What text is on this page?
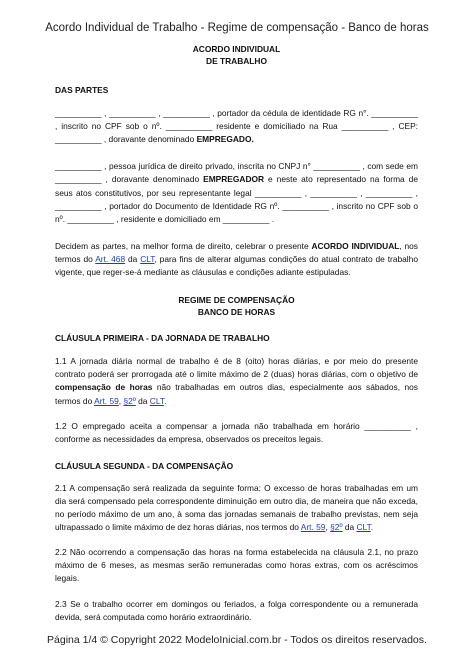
Acordo Individual de Trabalho - Regime de compensação - Banco de horas
ACORDO INDIVIDUAL
DE TRABALHO
DAS PARTES

__________ , __________ , __________ , portador da cédula de identidade RG n°. __________ , inscrito no CPF sob o nº. __________ residente e domiciliado na Rua __________ , CEP: __________ , doravante denominado EMPREGADO.

__________ , pessoa jurídica de direito privado, inscrita no CNPJ n° __________ , com sede em __________ , doravante denominado EMPREGADOR e neste ato representado na forma de seus atos constitutivos, por seu representante legal __________ , __________ , __________ , __________ , portador do Documento de Identidade RG nº. __________ , inscrito no CPF sob o nº. __________ , residente e domiciliado em __________ .

Decidem as partes, na melhor forma de direito, celebrar o presente ACORDO INDIVIDUAL, nos termos do Art. 468 da CLT, para fins de alterar algumas condições do atual contrato de trabalho vigente, que reger-se-á mediante as cláusulas e condições adiante estipuladas.

REGIME DE COMPENSAÇÃO
BANCO DE HORAS
CLÁUSULA PRIMEIRA - DA JORNADA DE TRABALHO

1.1 A jornada diária normal de trabalho é de 8 (oito) horas diárias, e por meio do presente contrato poderá ser prorrogada até o limite máximo de 2 (duas) horas diárias, com o objetivo de compensação de horas não trabalhadas em outros dias, especialmente aos sábados, nos termos do Art. 59, §2º da CLT.

1.2 O empregado aceita a compensar a jornada não trabalhada em horário __________ , conforme as necessidades da empresa, observados os preceitos legais.

CLÁUSULA SEGUNDA - DA COMPENSAÇÃO

2.1 A compensação será realizada da seguinte forma: O excesso de horas trabalhadas em um dia será compensado pela correspondente diminuição em outro dia, de maneira que não exceda, no período máximo de um ano, à soma das jornadas semanais de trabalho previstas, nem seja ultrapassado o limite máximo de dez horas diárias, nos termos do Art. 59, §2º da CLT.

2.2 Não ocorrendo a compensação das horas na forma estabelecida na cláusula 2.1, no prazo máximo de 6 meses, as mesmas serão remuneradas como horas extras, com os acréscimos legais.

2.3 Se o trabalho ocorrer em domingos ou feriados, a folga correspondente ou a remunerada devida, será computada como horário extraordinário.

Página 1/4 © Copyright 2022 ModeloInicial.com.br - Todos os direitos reservados.
